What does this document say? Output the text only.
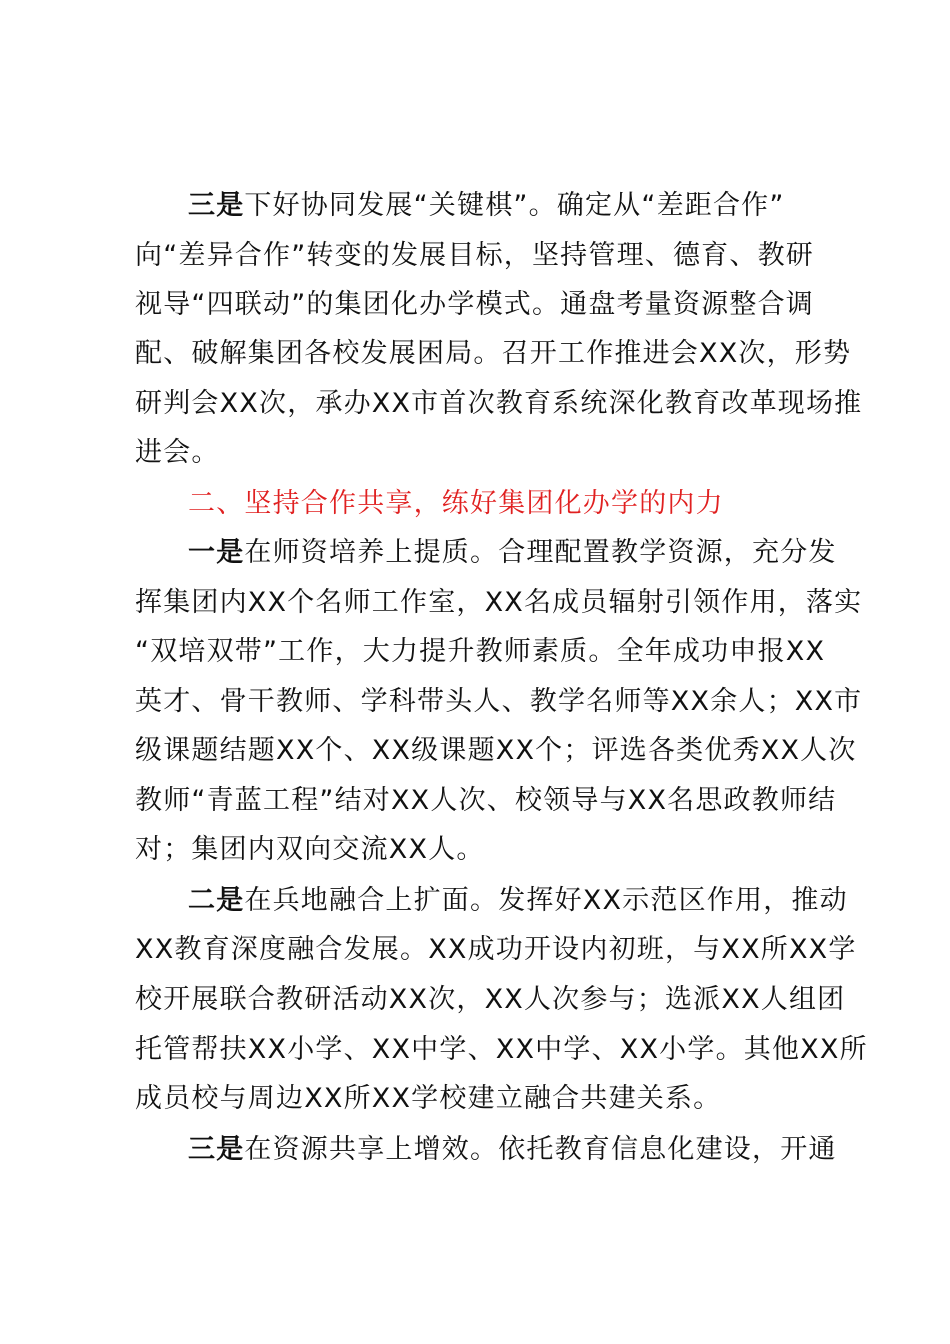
三是下好协同发展“关键棋”。确定从“差距合作”
向“差异合作”转变的发展目标，坚持管理、德育、教研
视导“四联动”的集团化办学模式。通盘考量资源整合调
配、破解集团各校发展困局。召开工作推进会XX次，形势
研判会XX次，承办XX市首次教育系统深化教育改革现场推
进会。
二、坚持合作共享，练好集团化办学的内力
一是在师资培养上提质。合理配置教学资源，充分发
挥集团内XX个名师工作室，XX名成员辐射引领作用，落实
“双培双带”工作，大力提升教师素质。全年成功申报XX
英才、骨干教师、学科带头人、教学名师等XX余人；XX市
级课题结题XX个、XX级课题XX个；评选各类优秀XX人次
教师“青蓝工程”结对XX人次、校领导与XX名思政教师结
对；集团内双向交流XX人。
二是在兵地融合上扩面。发挥好XX示范区作用，推动
XX教育深度融合发展。XX成功开设内初班，与XX所XX学
校开展联合教研活动XX次，XX人次参与；选派XX人组团
托管帮扶XX小学、XX中学、XX中学、XX小学。其他XX所
成员校与周边XX所XX学校建立融合共建关系。
三是在资源共享上增效。依托教育信息化建设，开通
